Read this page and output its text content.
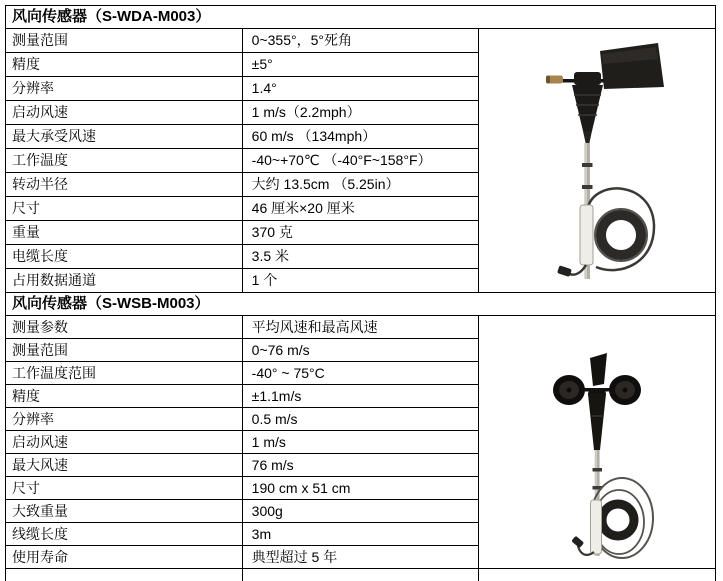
风向传感器（S-WDA-M003）		
测量范围	0~355°，5°死角	

精度	±5°	
分辨率	1.4°	
启动风速	1 m/s（2.2mph）	
最大承受风速	60 m/s （134mph）	
工作温度	-40~+70℃ （-40°F~158°F）	
转动半径	大约 13.5cm （5.25in）	
尺寸	46 厘米×20 厘米	
重量	370 克	
电缆长度	3.5 米	
占用数据通道	1 个	
风向传感器（S-WSB-M003）		
测量参数	平均风速和最高风速	

测量范围	0~76 m/s	
工作温度范围	-40° ~ 75°C	
精度	±1.1m/s	
分辨率	0.5 m/s	
启动风速	1 m/s	
最大风速	76 m/s	
尺寸	190 cm x 51 cm	
大致重量	300g	
线缆长度	3m	
使用寿命	典型超过 5 年	
